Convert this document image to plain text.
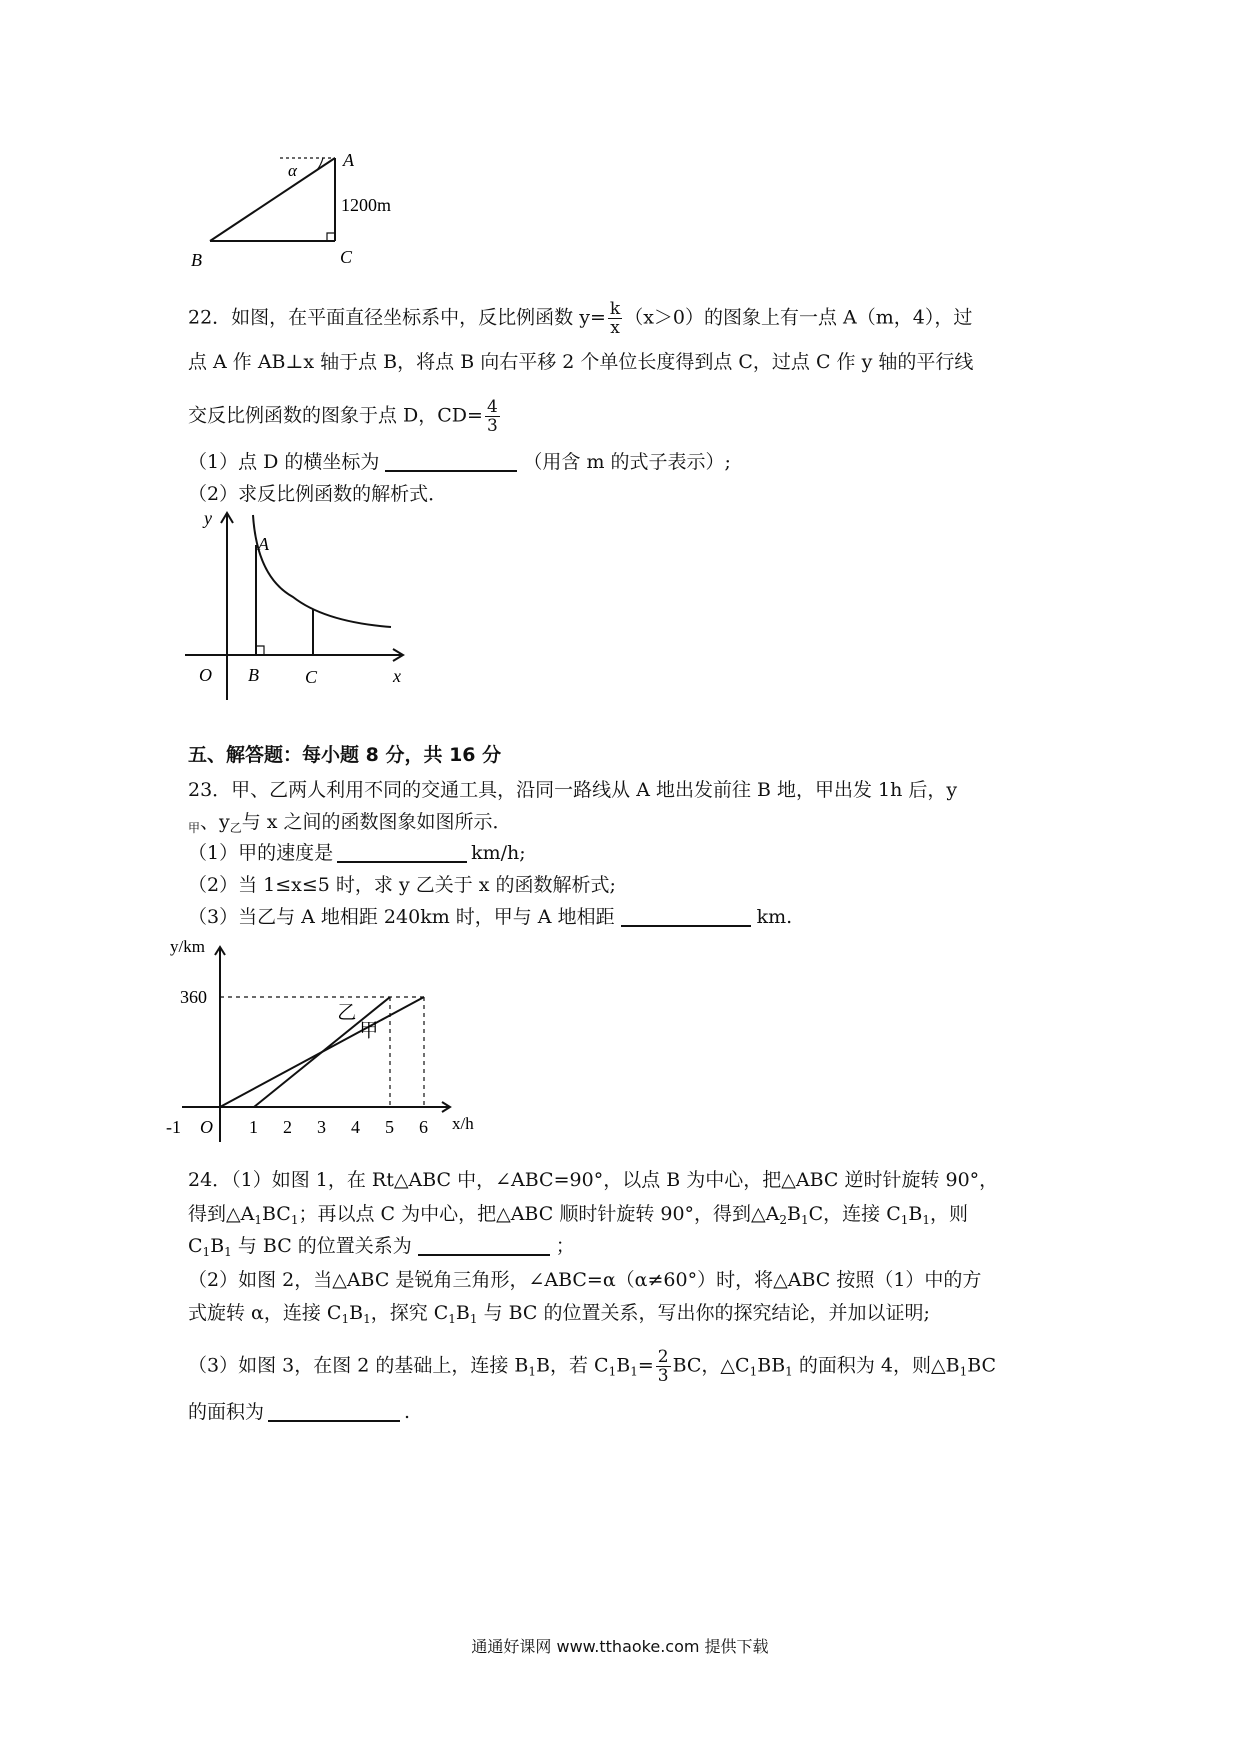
α
A
1200m
B	C
22．如图，在平面直径坐标系中，反比例函数 $y= \frac{k}{x} (x>0)$的图象上有一点 A（m，4），过
点 A 作 AB⊥x 轴于点 B，将点 B 向右平移 2 个单位长度得到点 C，过点 C 作 y 轴的平行线
交反比例函数的图象于点 D，$CD= \frac{4}{3}$
（1）点 D 的横坐标为	（用含 m 的式子表示）;
（2）求反比例函数的解析式．
y
A
O B	C	x
五、解答题：每小题 8 分，共 16 分
23．甲、乙两人利用不同的交通工具，沿同一路线从 A 地出发前往 B 地，甲出发 1h 后，y
$_甲$、$y_乙$与 x 之间的函数图象如图所示．
（1）甲的速度是	km/h;
（2）当 1≤x≤5 时，求 y 乙关于 x 的函数解析式;
（3）当乙与 A 地相距 240km 时，甲与 A 地相距	km.
y/km
x/h
-1 O 1 2 3 4 5 6
360
甲
乙
24．（1）如图 1，在 Rt△ABC 中，∠ABC=90°，以点 B 为中心，把△ABC 逆时针旋转 90°，
得到$\triangle A_1BC_1$；再以点 C 为中心，把△ABC 顺时针旋转 90°，得到$\triangle A_2B_1C$，连接 $C_1B_1$，则
$C_1B_1$ 与 BC 的位置关系为	；
（2）如图 2，当△ABC 是锐角三角形，∠ABC=α（α≠60°）时，将△ABC 按照（1）中的方
式旋转 α，连接 $C_1B_1$，探究 $C_1B_1$ 与 BC 的位置关系，写出你的探究结论，并加以证明;
（3）如图 3，在图 2 的基础上，连接 $B_1B$，若 $C_1B_1= \frac{2}{3}$ BC，$\triangle C_1BB_1$ 的面积为 4，则$\triangle B_1BC$
的面积为	.
通通好课网 www.tthaoke.com 提供下载
